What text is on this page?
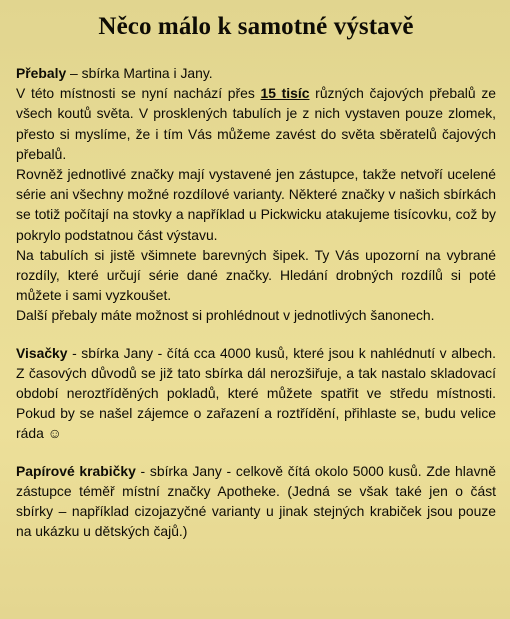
Něco málo k samotné výstavě

Přebaly – sbírka Martina i Jany.

V této místnosti se nyní nachází přes 15 tisíc různých čajových přebalů ze všech koutů světa. V prosklených tabulích je z nich vystaven pouze zlomek, přesto si myslíme, že i tím Vás můžeme zavést do světa sběratelů čajových přebalů.

Rovněž jednotlivé značky mají vystavené jen zástupce, takže netvoří ucelené série ani všechny možné rozdílové varianty. Některé značky v našich sbírkách se totiž počítají na stovky a například u Pickwicku atakujeme tisícovku, což by pokrylo podstatnou část výstavu.

Na tabulích si jistě všimnete barevných šipek. Ty Vás upozorní na vybrané rozdíly, které určují série dané značky. Hledání drobných rozdílů si poté můžete i sami vyzkoušet.

Další přebaly máte možnost si prohlédnout v jednotlivých šanonech.

Visačky - sbírka Jany - čítá cca 4000 kusů, které jsou k nahlédnutí v albech. Z časových důvodů se již tato sbírka dál nerozšiřuje, a tak nastalo skladovací období neroztříděných pokladů, které můžete spatřit ve středu místnosti. Pokud by se našel zájemce o zařazení a roztřídění, přihlaste se, budu velice ráda ☺

Papírové krabičky - sbírka Jany - celkově čítá okolo 5000 kusů. Zde hlavně zástupce téměř místní značky Apotheke. (Jedná se však také jen o část sbírky – například cizojazyčné varianty u jinak stejných krabiček jsou pouze na ukázku u dětských čajů.)
